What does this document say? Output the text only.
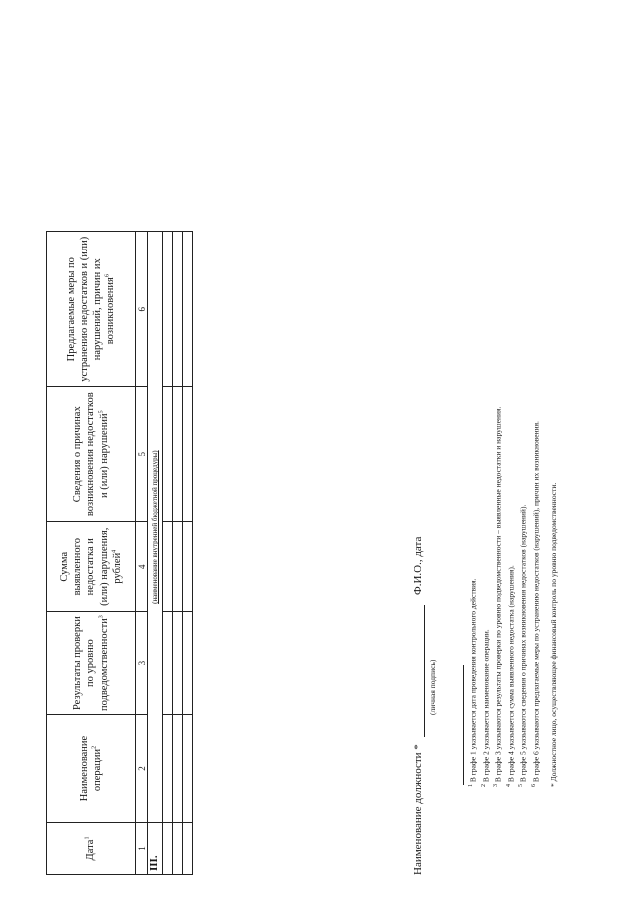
Дата$^1$	Наименование операции$^2$	Результаты проверки по уровню подведомственности$^3$	Сумма выявленного недостатка и (или) нарушения, рублей$^4$	Сведения о причинах возникновения недостатков и (или) нарушений$^5$	Предлагаемые меры по устранению недостатков и (или) нарушений, причин их возникновения$^6$
1	2	3	4	5	6
III.	(наименование внутренней бюджетной процедуры)				

Наименование должности *
Ф.И.О., дата
(личная подпись)
$^1$ В графе 1 указывается дата проведения контрольного действия.
$^2$ В графе 2 указывается наименование операции.
$^3$ В графе 3 указываются результаты проверки по уровню подведомственности – выявленные недостатки и нарушения.
$^4$ В графе 4 указывается сумма выявленного недостатка (нарушения).
$^5$ В графе 5 указываются сведения о причинах возникновения недостатков (нарушений).
$^6$ В графе 6 указываются предлагаемые меры по устранению недостатков (нарушений), причин их возникновения.
* Должностное лицо, осуществляющее финансовый контроль по уровню подведомственности.
